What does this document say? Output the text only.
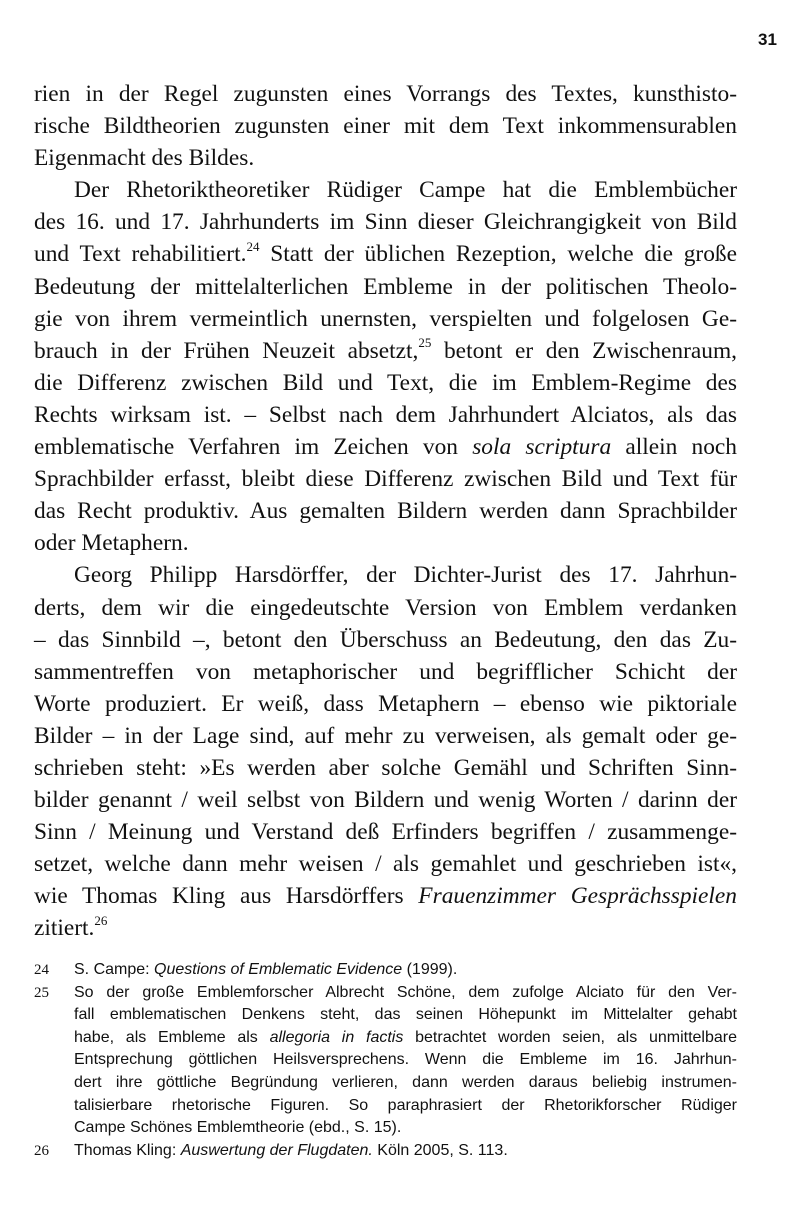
31
rien in der Regel zugunsten eines Vorrangs des Textes, kunsthisto-
rische Bildtheorien zugunsten einer mit dem Text inkommensurablen
Eigenmacht des Bildes.
Der Rhetoriktheoretiker Rüdiger Campe hat die Emblembücher
des 16. und 17. Jahrhunderts im Sinn dieser Gleichrangigkeit von Bild
und Text rehabilitiert.$^{24}$ Statt der üblichen Rezeption, welche die große
Bedeutung der mittelalterlichen Embleme in der politischen Theolo-
gie von ihrem vermeintlich unernsten, verspielten und folgelosen Ge-
brauch in der Frühen Neuzeit absetzt,$^{25}$ betont er den Zwischenraum,
die Differenz zwischen Bild und Text, die im Emblem-Regime des
Rechts wirksam ist. – Selbst nach dem Jahrhundert Alciatos, als das
emblematische Verfahren im Zeichen von sola scriptura allein noch
Sprachbilder erfasst, bleibt diese Differenz zwischen Bild und Text für
das Recht produktiv. Aus gemalten Bildern werden dann Sprachbilder
oder Metaphern.
Georg Philipp Harsdörffer, der Dichter-Jurist des 17. Jahrhun-
derts, dem wir die eingedeutschte Version von Emblem verdanken
– das Sinnbild –, betont den Überschuss an Bedeutung, den das Zu-
sammentreffen von metaphorischer und begrifflicher Schicht der
Worte produziert. Er weiß, dass Metaphern – ebenso wie piktoriale
Bilder – in der Lage sind, auf mehr zu verweisen, als gemalt oder ge-
schrieben steht: »Es werden aber solche Gemähl und Schriften Sinn-
bilder genannt / weil selbst von Bildern und wenig Worten / darinn der
Sinn / Meinung und Verstand deß Erfinders begriffen / zusammenge-
setzet, welche dann mehr weisen / als gemahlet und geschrieben ist«,
wie Thomas Kling aus Harsdörffers Frauenzimmer Gesprächsspielen
zitiert.$^{26}$
24	S. Campe: Questions of Emblematic Evidence (1999).
25	So der große Emblemforscher Albrecht Schöne, dem zufolge Alciato für den Ver-
fall emblematischen Denkens steht, das seinen Höhepunkt im Mittelalter gehabt
habe, als Embleme als allegoria in factis betrachtet worden seien, als unmittelbare
Entsprechung göttlichen Heilsversprechens. Wenn die Embleme im 16. Jahrhun-
dert ihre göttliche Begründung verlieren, dann werden daraus beliebig instrumen-
talisierbare rhetorische Figuren. So paraphrasiert der Rhetorikforscher Rüdiger
Campe Schönes Emblemtheorie (ebd., S. 15).
26	Thomas Kling: Auswertung der Flugdaten. Köln 2005, S. 113.
